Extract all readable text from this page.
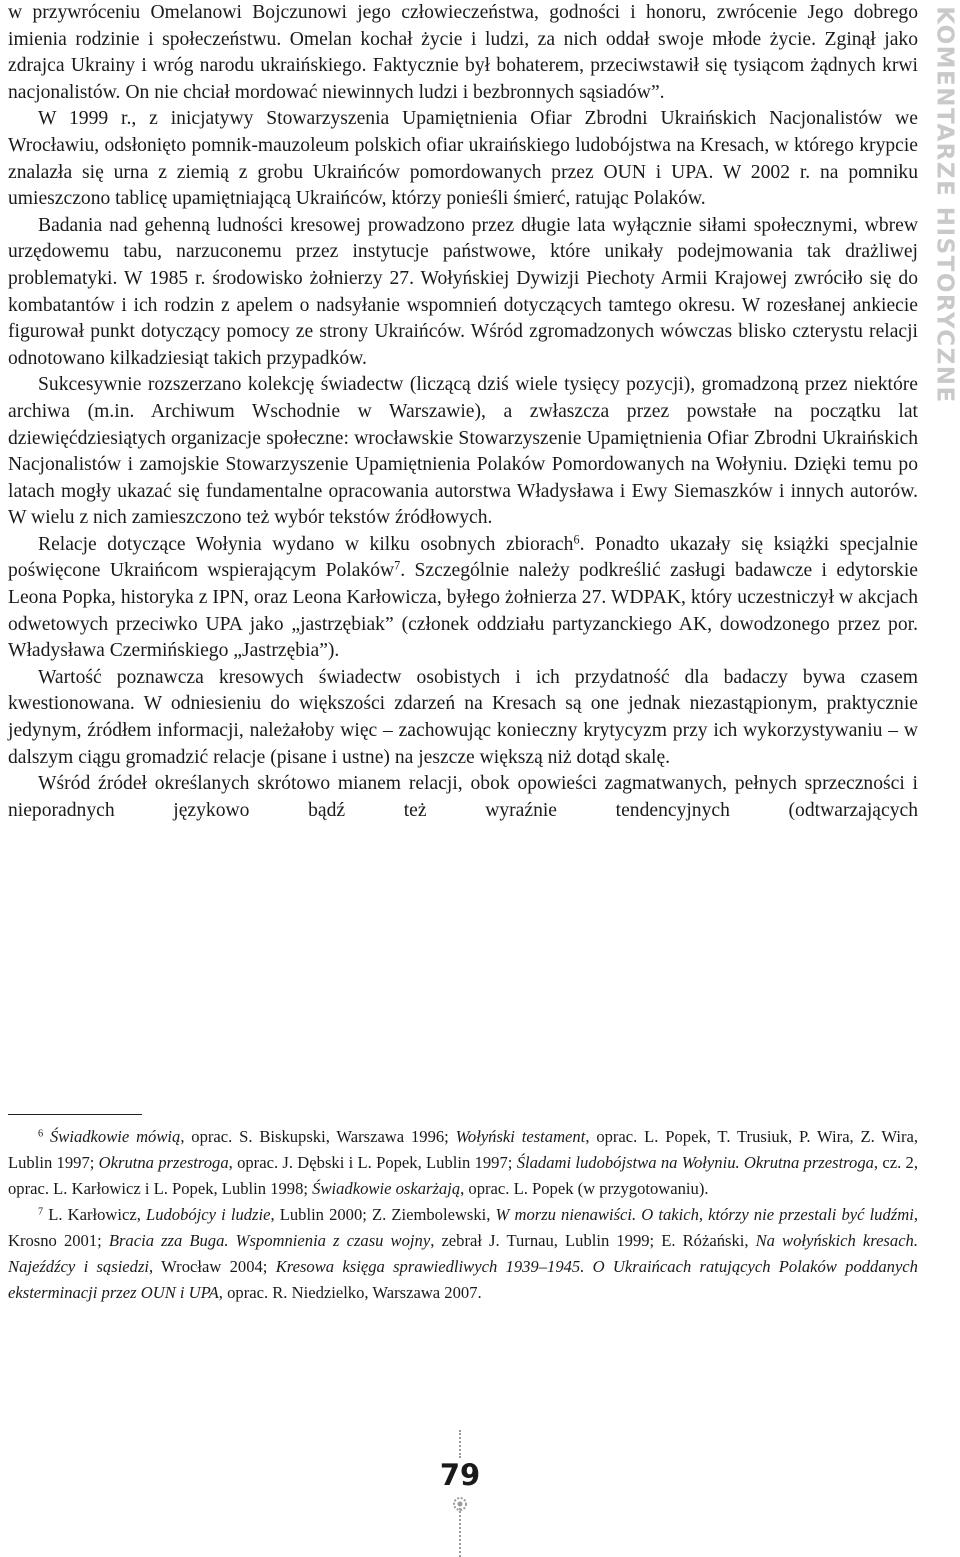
w przywróceniu Omelanowi Bojczunowi jego człowieczeństwa, godności i honoru, zwrócenie Jego dobrego imienia rodzinie i społeczeństwu. Omelan kochał życie i ludzi, za nich oddał swoje młode życie. Zginął jako zdrajca Ukrainy i wróg narodu ukraińskiego. Faktycznie był bohaterem, przeciwstawił się tysiącom żądnych krwi nacjonalistów. On nie chciał mordować niewinnych ludzi i bezbronnych sąsiadów”.

W 1999 r., z inicjatywy Stowarzyszenia Upamiętnienia Ofiar Zbrodni Ukraińskich Nacjonalistów we Wrocławiu, odsłonięto pomnik-mauzoleum polskich ofiar ukraińskiego ludobójstwa na Kresach, w którego krypcie znalazła się urna z ziemią z grobu Ukraińców pomordowanych przez OUN i UPA. W 2002 r. na pomniku umieszczono tablicę upamiętniającą Ukraińców, którzy ponieśli śmierć, ratując Polaków.

Badania nad gehenną ludności kresowej prowadzono przez długie lata wyłącznie siłami społecznymi, wbrew urzędowemu tabu, narzuconemu przez instytucje państwowe, które unikały podejmowania tak drażliwej problematyki. W 1985 r. środowisko żołnierzy 27. Wołyńskiej Dywizji Piechoty Armii Krajowej zwróciło się do kombatantów i ich rodzin z apelem o nadsyłanie wspomnień dotyczących tamtego okresu. W rozesłanej ankiecie figurował punkt dotyczący pomocy ze strony Ukraińców. Wśród zgromadzonych wówczas blisko czterystu relacji odnotowano kilkadziesiąt takich przypadków.

Sukcesywnie rozszerzano kolekcję świadectw (liczącą dziś wiele tysięcy pozycji), gromadzoną przez niektóre archiwa (m.in. Archiwum Wschodnie w Warszawie), a zwłaszcza przez powstałe na początku lat dziewięćdziesiątych organizacje społeczne: wrocławskie Stowarzyszenie Upamiętnienia Ofiar Zbrodni Ukraińskich Nacjonalistów i zamojskie Stowarzyszenie Upamiętnienia Polaków Pomordowanych na Wołyniu. Dzięki temu po latach mogły ukazać się fundamentalne opracowania autorstwa Władysława i Ewy Siemaszków i innych autorów. W wielu z nich zamieszczono też wybór tekstów źródłowych.

Relacje dotyczące Wołynia wydano w kilku osobnych zbiorach$^6$. Ponadto ukazały się książki specjalnie poświęcone Ukraińcom wspierającym Polaków$^7$. Szczególnie należy podkreślić zasługi badawcze i edytorskie Leona Popka, historyka z IPN, oraz Leona Karłowicza, byłego żołnierza 27. WDPAK, który uczestniczył w akcjach odwetowych przeciwko UPA jako „jastrzębiak” (członek oddziału partyzanckiego AK, dowodzonego przez por. Władysława Czermińskiego „Jastrzębia”).

Wartość poznawcza kresowych świadectw osobistych i ich przydatność dla badaczy bywa czasem kwestionowana. W odniesieniu do większości zdarzeń na Kresach są one jednak niezastąpionym, praktycznie jedynym, źródłem informacji, należałoby więc – zachowując konieczny krytycyzm przy ich wykorzystywaniu – w dalszym ciągu gromadzić relacje (pisane i ustne) na jeszcze większą niż dotąd skalę.

Wśród źródeł określanych skrótowo mianem relacji, obok opowieści zagmatwanych, pełnych sprzeczności i nieporadnych językowo bądź też wyraźnie tendencyjnych (odtwarzających

$^6$ Świadkowie mówią, oprac. S. Biskupski, Warszawa 1996; Wołyński testament, oprac. L. Popek, T. Trusiuk, P. Wira, Z. Wira, Lublin 1997; Okrutna przestroga, oprac. J. Dębski i L. Popek, Lublin 1997; Śladami ludobójstwa na Wołyniu. Okrutna przestroga, cz. 2, oprac. L. Karłowicz i L. Popek, Lublin 1998; Świadkowie oskarżają, oprac. L. Popek (w przygotowaniu).

$^7$ L. Karłowicz, Ludobójcy i ludzie, Lublin 2000; Z. Ziembolewski, W morzu nienawiści. O takich, którzy nie przestali być ludźmi, Krosno 2001; Bracia zza Buga. Wspomnienia z czasu wojny, zebrał J. Turnau, Lublin 1999; E. Różański, Na wołyńskich kresach. Najeźdźcy i sąsiedzi, Wrocław 2004; Kresowa księga sprawiedliwych 1939–1945. O Ukraińcach ratujących Polaków poddanych eksterminacji przez OUN i UPA, oprac. R. Niedzielko, Warszawa 2007.

KOMENTARZE HISTORYCZNE
79
